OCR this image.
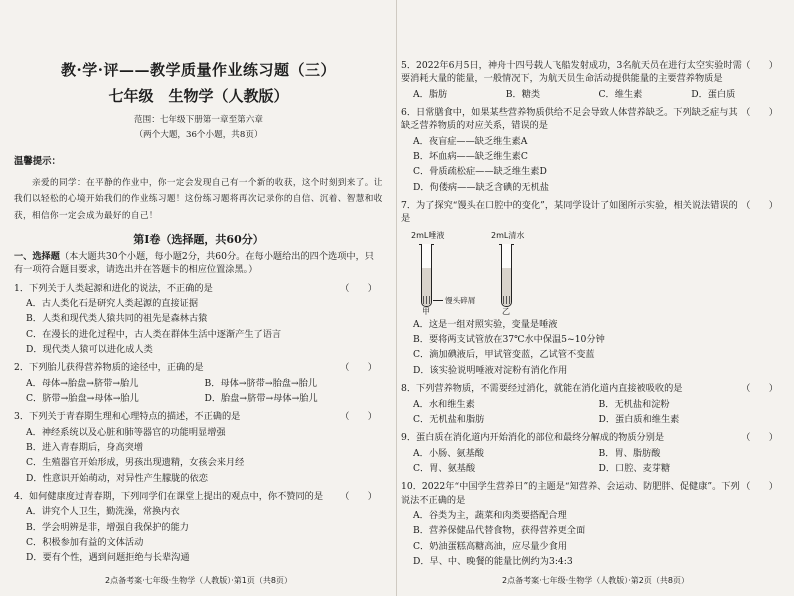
教·学·评——教学质量作业练习题（三）
七年级　生物学（人教版）
范围：七年级下册第一章至第六章
（两个大题，36个小题，共8页）
温馨提示：
亲爱的同学：在平静的作业中，你一定会发现自己有一个新的收获，这个时刻到来了。让我们以轻松的心境开始我们的作业练习题！这份练习题将再次记录你的自信、沉着、智慧和收获，相信你一定会成为最好的自己！
第Ⅰ卷（选择题，共60分）
一、选择题（本大题共30个小题，每小题2分，共60分。在每小题给出的四个选项中，只有一项符合题目要求，请选出并在答题卡的相应位置涂黑。）
1．下列关于人类起源和进化的说法，不正确的是	（　　）
A．古人类化石是研究人类起源的直接证据
B．人类和现代类人猿共同的祖先是森林古猿
C．在漫长的进化过程中，古人类在群体生活中逐渐产生了语言
D．现代类人猿可以进化成人类
2．下列胎儿获得营养物质的途径中，正确的是	（　　）
A．母体→胎盘→脐带→胎儿	B．母体→脐带→胎盘→胎儿
C．脐带→胎盘→母体→胎儿	D．胎盘→脐带→母体→胎儿
3．下列关于青春期生理和心理特点的描述，不正确的是	（　　）
A．神经系统以及心脏和肺等器官的功能明显增强
B．进入青春期后，身高突增
C．生殖器官开始形成，男孩出现遗精，女孩会来月经
D．性意识开始萌动，对异性产生朦胧的依恋
4．如何健康度过青春期，下列同学们在课堂上提出的观点中，你不赞同的是 （　　）
A．讲究个人卫生，勤洗澡，常换内衣
B．学会明辨是非，增强自我保护的能力
C．积极参加有益的文体活动
D．要有个性，遇到问题拒绝与长辈沟通
5．2022年6月5日，神舟十四号载人飞船发射成功，3名航天员在进行太空实验时需要消耗大量的能量，一般情况下，为航天员生命活动提供能量的主要营养物质是
（　　）
A．脂肪	B．糖类	C．维生素	D．蛋白质
6．日常膳食中，如果某些营养物质供给不足会导致人体营养缺乏。下列缺乏症与其缺乏营养物质的对应关系，错误的是
（　　）
A．夜盲症——缺乏维生素A
B．坏血病——缺乏维生素C
C．骨质疏松症——缺乏维生素D
D．佝偻病——缺乏含碘的无机盐
7．为了探究“馒头在口腔中的变化”，某同学设计了如图所示实验，相关说法错误的是
（　　）
2mL唾液
甲
2mL清水
乙
馒头碎屑
A．这是一组对照实验，变量是唾液
B．要将两支试管放在37℃水中保温5~10分钟
C．滴加碘液后，甲试管变蓝，乙试管不变蓝
D．该实验说明唾液对淀粉有消化作用
8．下列营养物质，不需要经过消化，就能在消化道内直接被吸收的是	（　　）
A．水和维生素	B．无机盐和淀粉
C．无机盐和脂肪	D．蛋白质和维生素
9．蛋白质在消化道内开始消化的部位和最终分解成的物质分别是	（　　）
A．小肠、氨基酸	B．胃、脂肪酸
C．胃、氨基酸	D．口腔、麦芽糖
10．2022年“中国学生营养日”的主题是“知营养、会运动、防肥胖、促健康”。下列说法不正确的是
（　　）
A．谷类为主，蔬菜和肉类要搭配合理
B．营养保健品代替食物，获得营养更全面
C．奶油蛋糕高糖高油，应尽量少食用
D．早、中、晚餐的能量比例约为3:4:3
2点备考案·七年级·生物学（人教版）·第1页（共8页）	2点备考案·七年级·生物学（人教版）·第2页（共8页）
